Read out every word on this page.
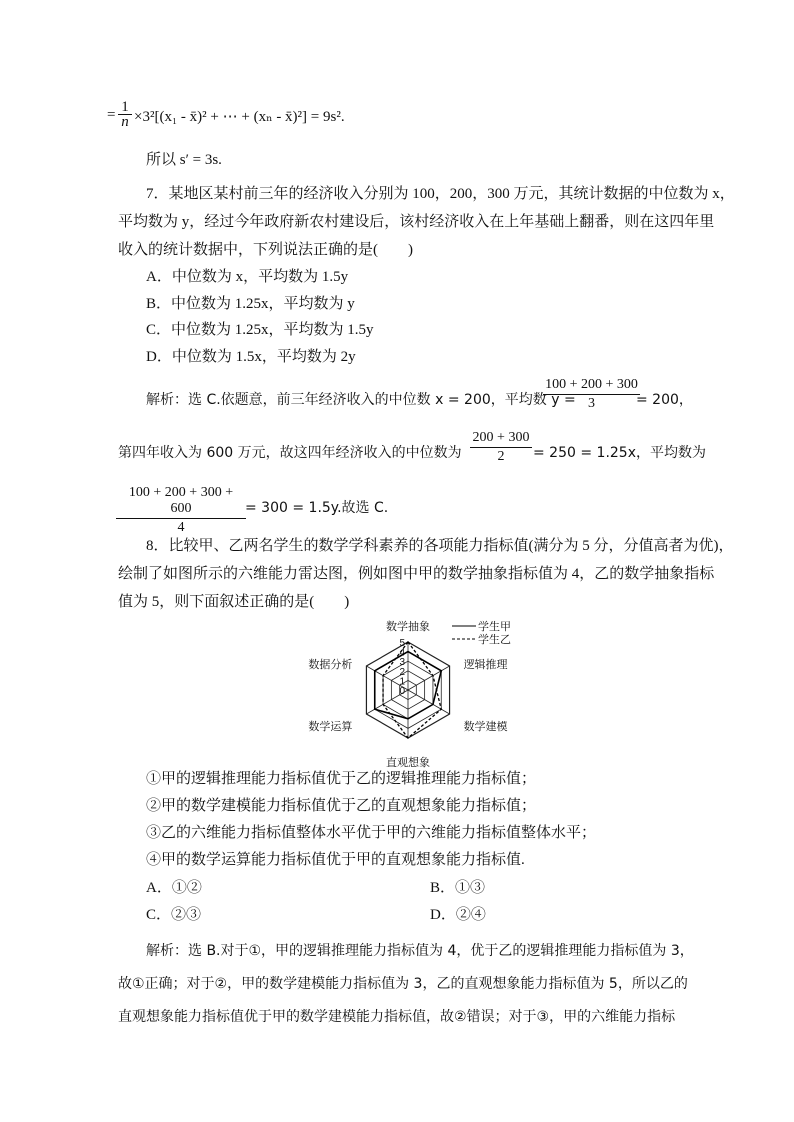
1
n
= ×3²[(x₁ - x̄)² + ⋯ + (xₙ - x̄)²] = 9s².
所以 s′ = 3s.
7．某地区某村前三年的经济收入分别为 100，200，300 万元，其统计数据的中位数为 x，
平均数为 y，经过今年政府新农村建设后，该村经济收入在上年基础上翻番，则在这四年里
收入的统计数据中，下列说法正确的是(　　)
A．中位数为 x，平均数为 1.5y
B．中位数为 1.25x，平均数为 y
C．中位数为 1.25x，平均数为 1.5y
D．中位数为 1.5x，平均数为 2y
解析：选 C.依题意，前三年经济收入的中位数 x = 200，平均数 y =
100 + 200 + 300
3	= 200，
第四年收入为 600 万元，故这四年经济收入的中位数为
200 + 300
2	= 250 = 1.25x，平均数为
100 + 200 + 300 + 600
4
= 300 = 1.5y.故选 C.
8．比较甲、乙两名学生的数学学科素养的各项能力指标值(满分为 5 分，分值高者为优)，
绘制了如图所示的六维能力雷达图，例如图中甲的数学抽象指标值为 4，乙的数学抽象指标
值为 5，则下面叙述正确的是(　　)
0
1
2
3
4
5
数学抽象
逻辑推理
数学建模
直观想象
数学运算
数据分析
学生甲
学生乙
①甲的逻辑推理能力指标值优于乙的逻辑推理能力指标值；
②甲的数学建模能力指标值优于乙的直观想象能力指标值；
③乙的六维能力指标值整体水平优于甲的六维能力指标值整体水平；
④甲的数学运算能力指标值优于甲的直观想象能力指标值.
A．①②	B．①③
C．②③	D．②④
解析：选 B.对于①，甲的逻辑推理能力指标值为 4，优于乙的逻辑推理能力指标值为 3，
故①正确；对于②，甲的数学建模能力指标值为 3，乙的直观想象能力指标值为 5，所以乙的
直观想象能力指标值优于甲的数学建模能力指标值，故②错误；对于③，甲的六维能力指标
